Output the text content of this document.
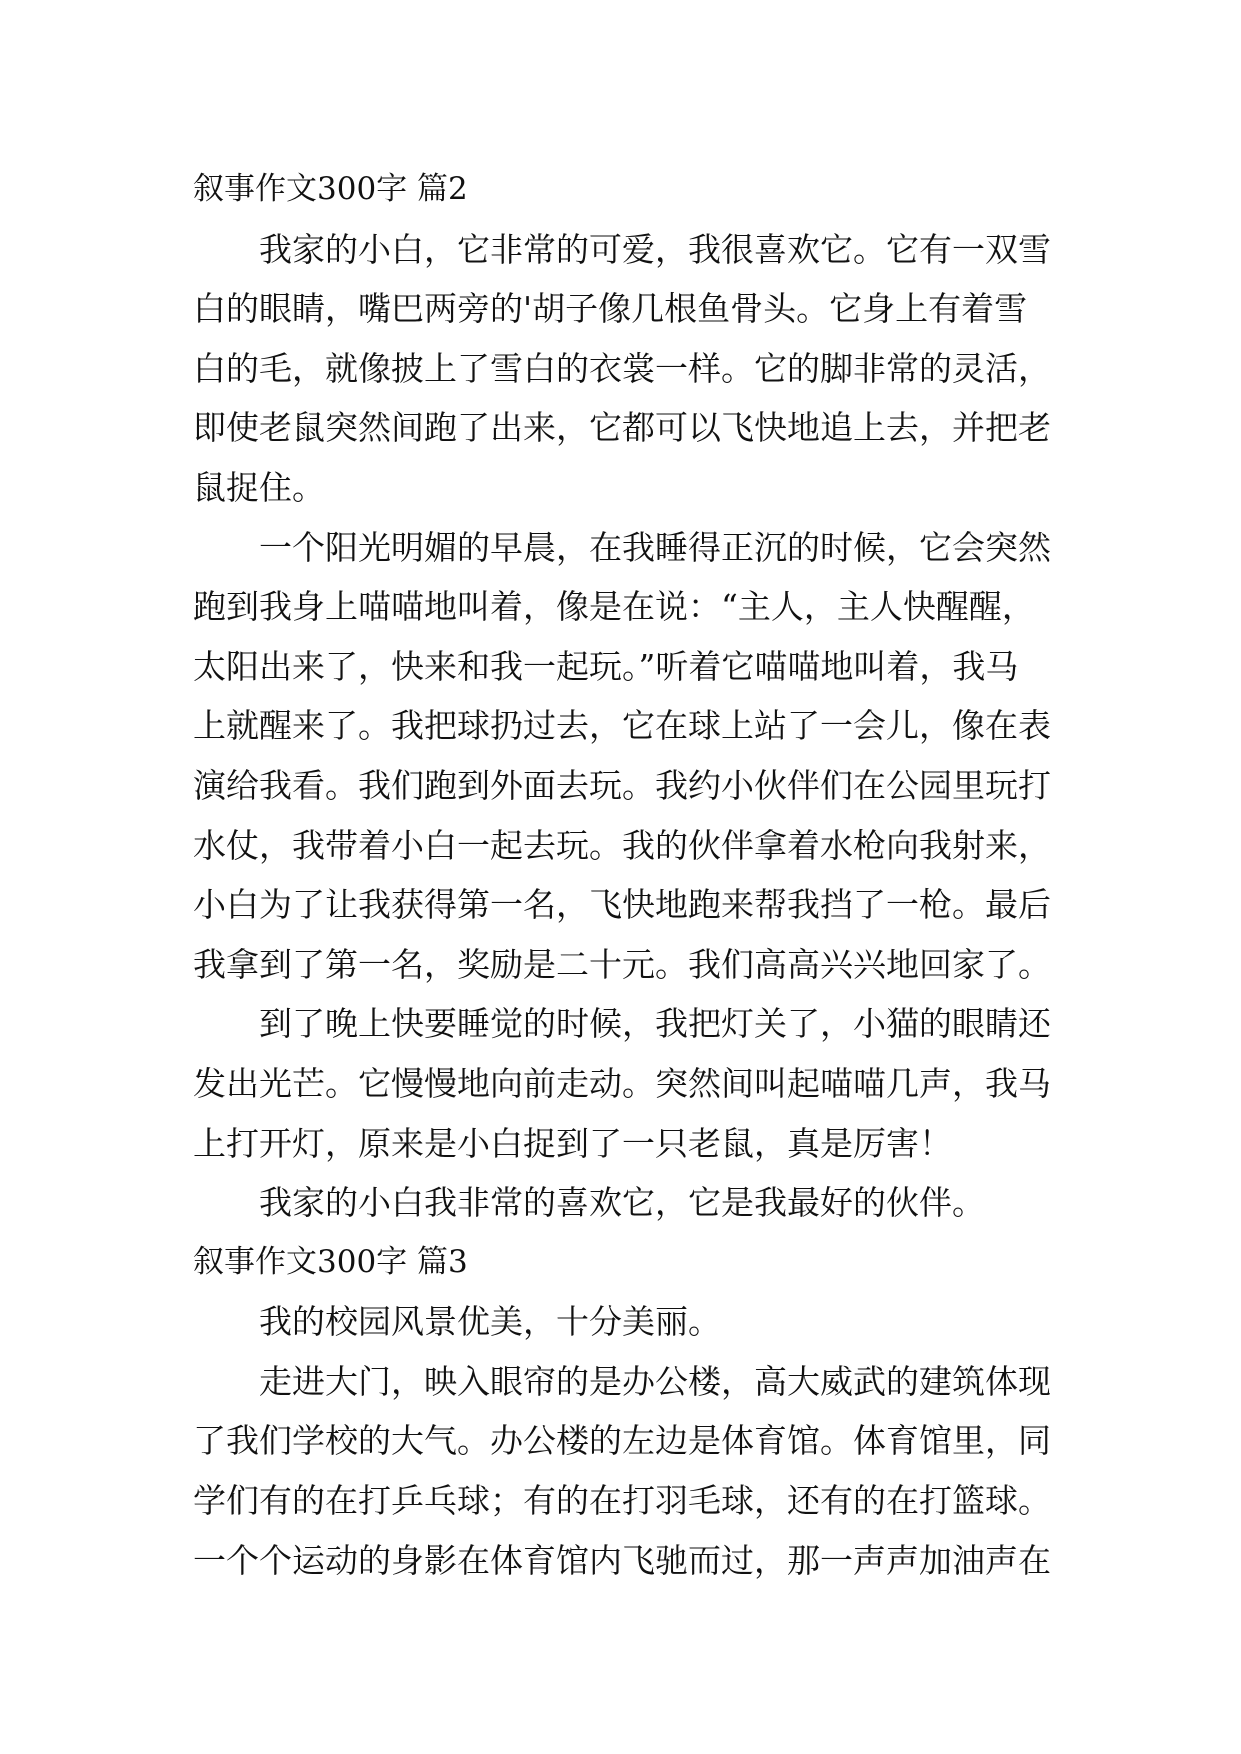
叙事作文300字 篇2
我家的小白，它非常的可爱，我很喜欢它。它有一双雪
白的眼睛，嘴巴两旁的'胡子像几根鱼骨头。它身上有着雪
白的毛，就像披上了雪白的衣裳一样。它的脚非常的灵活，
即使老鼠突然间跑了出来，它都可以飞快地追上去，并把老
鼠捉住。
一个阳光明媚的早晨，在我睡得正沉的时候，它会突然
跑到我身上喵喵地叫着，像是在说：“主人，主人快醒醒，
太阳出来了，快来和我一起玩。”听着它喵喵地叫着，我马
上就醒来了。我把球扔过去，它在球上站了一会儿，像在表
演给我看。我们跑到外面去玩。我约小伙伴们在公园里玩打
水仗，我带着小白一起去玩。我的伙伴拿着水枪向我射来，
小白为了让我获得第一名，飞快地跑来帮我挡了一枪。最后
我拿到了第一名，奖励是二十元。我们高高兴兴地回家了。
到了晚上快要睡觉的时候，我把灯关了，小猫的眼睛还
发出光芒。它慢慢地向前走动。突然间叫起喵喵几声，我马
上打开灯，原来是小白捉到了一只老鼠，真是厉害！
我家的小白我非常的喜欢它，它是我最好的伙伴。
叙事作文300字 篇3
我的校园风景优美，十分美丽。
走进大门，映入眼帘的是办公楼，高大威武的建筑体现
了我们学校的大气。办公楼的左边是体育馆。体育馆里，同
学们有的在打乒乓球；有的在打羽毛球，还有的在打篮球。
一个个运动的身影在体育馆内飞驰而过，那一声声加油声在
